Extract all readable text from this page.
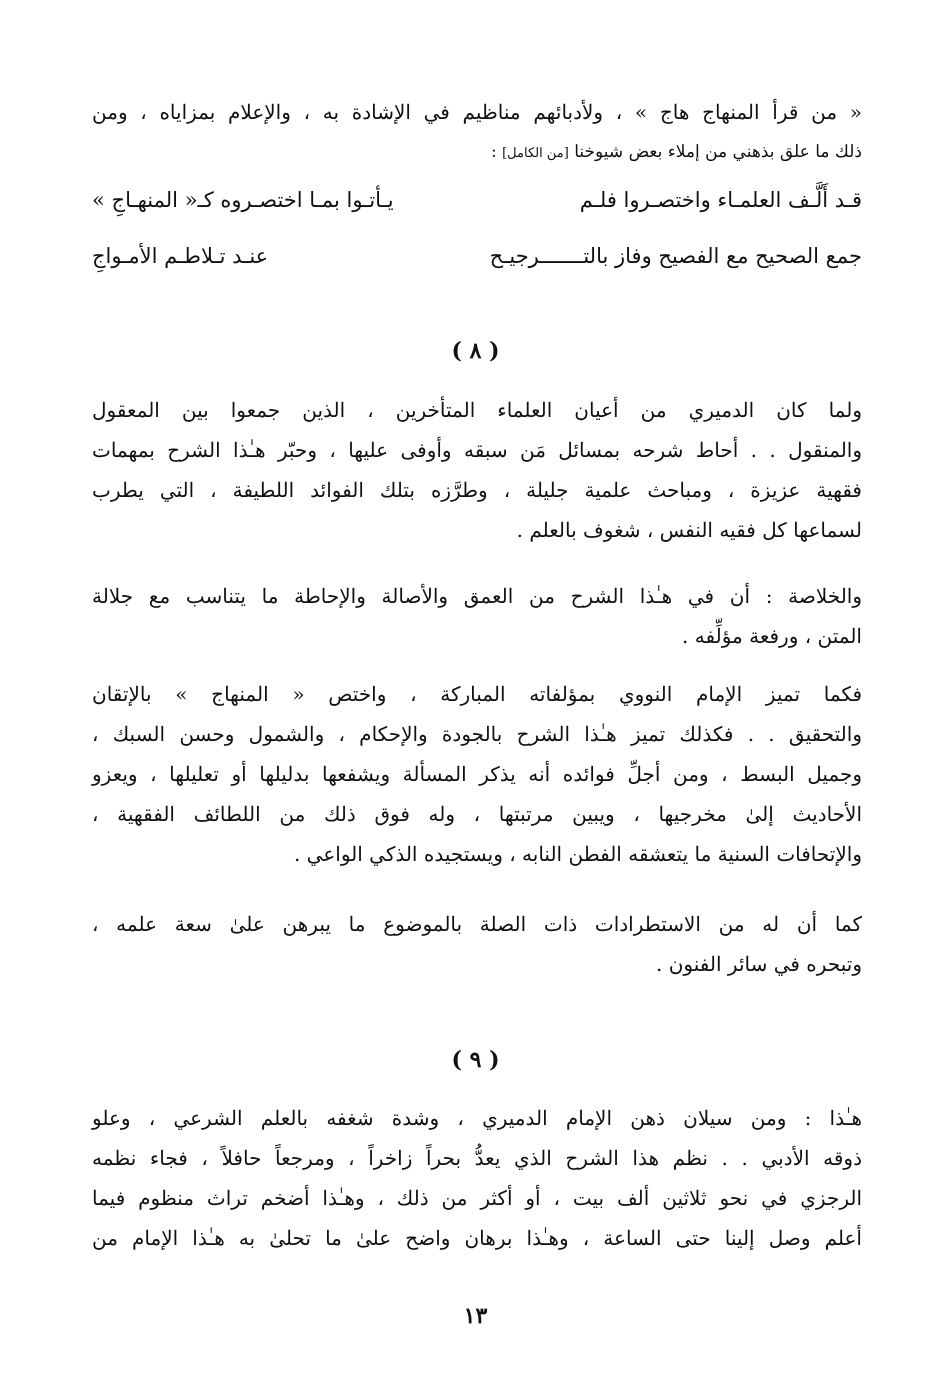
« من قرأ المنهاج هاج » ، ولأدبائهم مناظيم في الإشادة به ، والإعلام بمزاياه ، ومن
ذلك ما علق بذهني من إملاء بعض شيوخنا [من الكامل] :
قـد أَلَّـف العلمـاء واختصـروا فلـم
يـأتـوا بمـا اختصـروه كـ« المنهـاجِ »
جمع الصحيح مع الفصيح وفاز بالتـــــــرجيـح
عنـد تـلاطـم الأمـواجِ
( ٨ )
ولما كان الدميري من أعيان العلماء المتأخرين ، الذين جمعوا بين المعقول
والمنقول . . أحاط شرحه بمسائل مَن سبقه وأوفى عليها ، وحبّر هـٰذا الشرح بمهمات
فقهية عزيزة ، ومباحث علمية جليلة ، وطرَّزه بتلك الفوائد اللطيفة ، التي يطرب
لسماعها كل فقيه النفس ، شغوف بالعلم .
والخلاصة : أن في هـٰذا الشرح من العمق والأصالة والإحاطة ما يتناسب مع جلالة
المتن ، ورفعة مؤلِّفه .
فكما تميز الإمام النووي بمؤلفاته المباركة ، واختص « المنهاج » بالإتقان
والتحقيق . . فكذلك تميز هـٰذا الشرح بالجودة والإحكام ، والشمول وحسن السبك ،
وجميل البسط ، ومن أجلِّ فوائده أنه يذكر المسألة ويشفعها بدليلها أو تعليلها ، ويعزو
الأحاديث إلىٰ مخرجيها ، ويبين مرتبتها ، وله فوق ذلك من اللطائف الفقهية ،
والإتحافات السنية ما يتعشقه الفطن النابه ، ويستجيده الذكي الواعي .
كما أن له من الاستطرادات ذات الصلة بالموضوع ما يبرهن علىٰ سعة علمه ،
وتبحره في سائر الفنون .
( ٩ )
هـٰذا : ومن سيلان ذهن الإمام الدميري ، وشدة شغفه بالعلم الشرعي ، وعلو
ذوقه الأدبي . . نظم هذا الشرح الذي يعدُّ بحراً زاخراً ، ومرجعاً حافلاً ، فجاء نظمه
الرجزي في نحو ثلاثين ألف بيت ، أو أكثر من ذلك ، وهـٰذا أضخم تراث منظوم فيما
أعلم وصل إلينا حتى الساعة ، وهـٰذا برهان واضح علىٰ ما تحلىٰ به هـٰذا الإمام من
١٣
